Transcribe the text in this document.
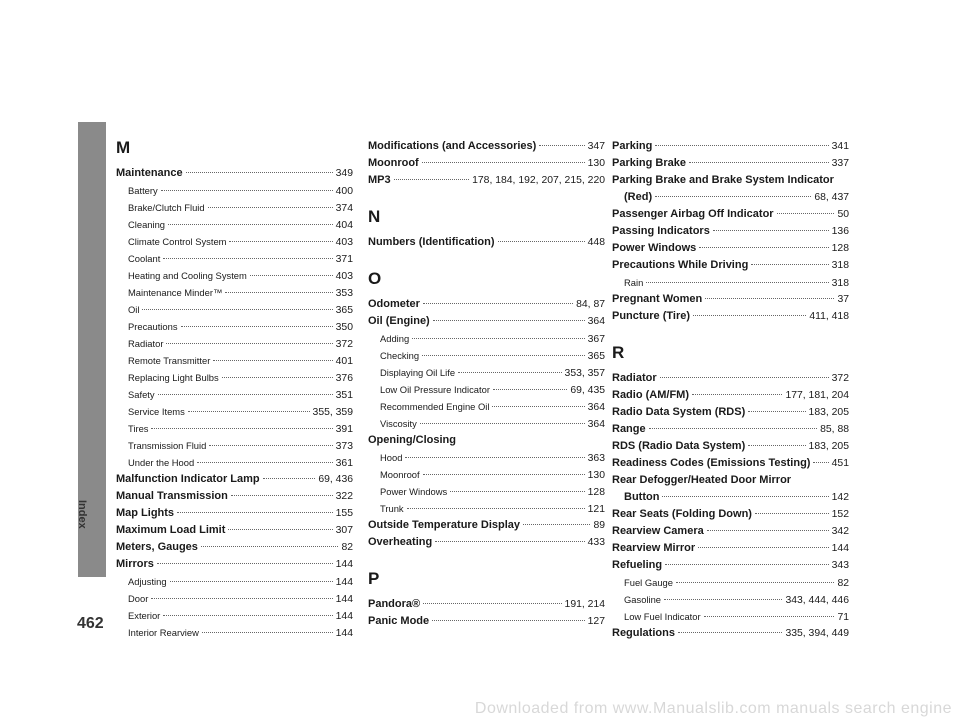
Index
462
M
Maintenance	349
Battery	400
Brake/Clutch Fluid	374
Cleaning	404
Climate Control System	403
Coolant	371
Heating and Cooling System	403
Maintenance Minder™	353
Oil	365
Precautions	350
Radiator	372
Remote Transmitter	401
Replacing Light Bulbs	376
Safety	351
Service Items	355, 359
Tires	391
Transmission Fluid	373
Under the Hood	361
Malfunction Indicator Lamp	69, 436
Manual Transmission	322
Map Lights	155
Maximum Load Limit	307
Meters, Gauges	82
Mirrors	144
Adjusting	144
Door	144
Exterior	144
Interior Rearview	144
Modifications (and Accessories)	347
Moonroof	130
MP3	178, 184, 192, 207, 215, 220
N
Numbers (Identification)	448
O
Odometer	84, 87
Oil (Engine)	364
Adding	367
Checking	365
Displaying Oil Life	353, 357
Low Oil Pressure Indicator	69, 435
Recommended Engine Oil	364
Viscosity	364
Opening/Closing
Hood	363
Moonroof	130
Power Windows	128
Trunk	121
Outside Temperature Display	89
Overheating	433
P
Pandora®	191, 214
Panic Mode	127
Parking	341
Parking Brake	337
Parking Brake and Brake System Indicator
(Red)	68, 437
Passenger Airbag Off Indicator	50
Passing Indicators	136
Power Windows	128
Precautions While Driving	318
Rain	318
Pregnant Women	37
Puncture (Tire)	411, 418
R
Radiator	372
Radio (AM/FM)	177, 181, 204
Radio Data System (RDS)	183, 205
Range	85, 88
RDS (Radio Data System)	183, 205
Readiness Codes (Emissions Testing) 451
Rear Defogger/Heated Door Mirror
Button	142
Rear Seats (Folding Down)	152
Rearview Camera	342
Rearview Mirror	144
Refueling	343
Fuel Gauge	82
Gasoline	343, 444, 446
Low Fuel Indicator	71
Regulations	335, 394, 449
Downloaded from www.Manualslib.com manuals search engine
